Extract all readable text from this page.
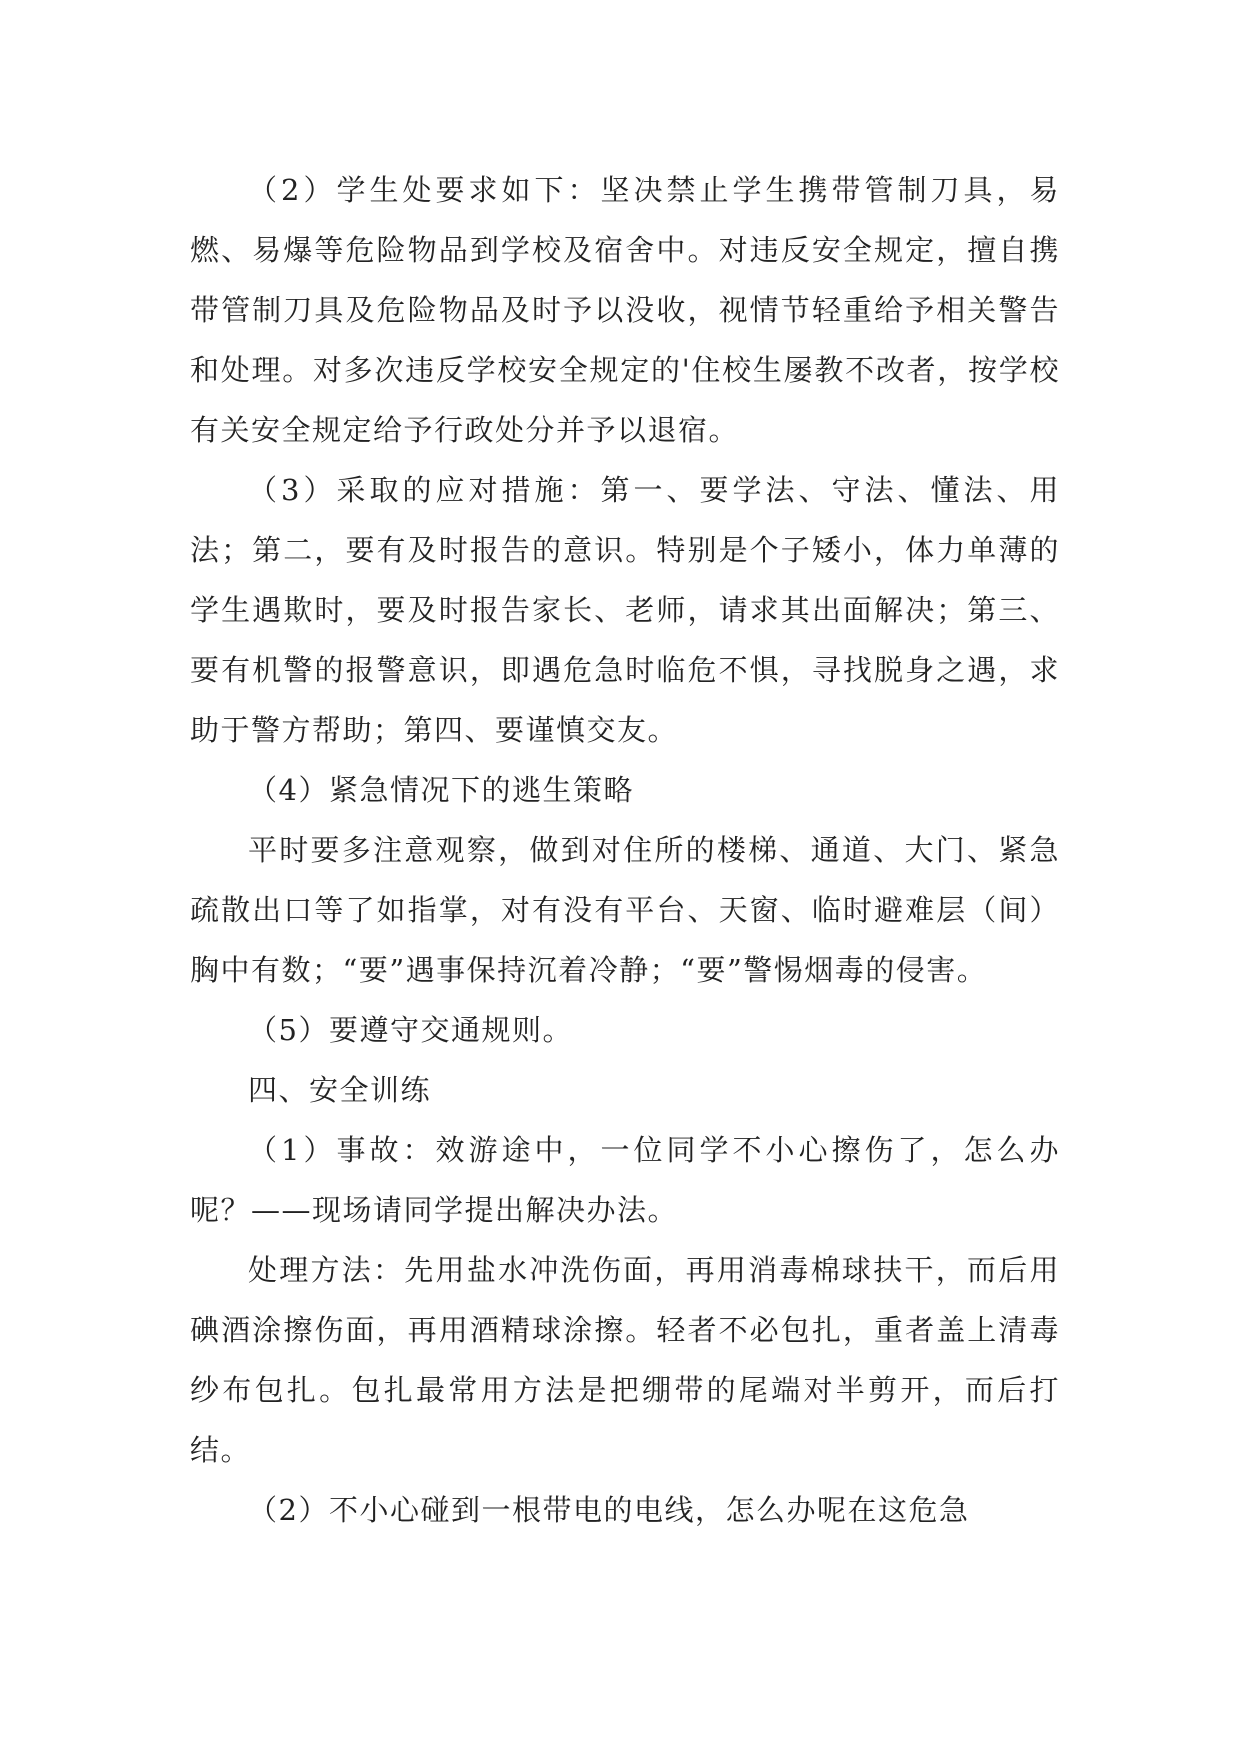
（2）学生处要求如下：坚决禁止学生携带管制刀具，易燃、易爆等危险物品到学校及宿舍中。对违反安全规定，擅自携带管制刀具及危险物品及时予以没收，视情节轻重给予相关警告和处理。对多次违反学校安全规定的'住校生屡教不改者，按学校有关安全规定给予行政处分并予以退宿。

（3）采取的应对措施：第一、要学法、守法、懂法、用法；第二，要有及时报告的意识。特别是个子矮小，体力单薄的学生遇欺时，要及时报告家长、老师，请求其出面解决；第三、要有机警的报警意识，即遇危急时临危不惧，寻找脱身之遇，求助于警方帮助；第四、要谨慎交友。

（4）紧急情况下的逃生策略

平时要多注意观察，做到对住所的楼梯、通道、大门、紧急疏散出口等了如指掌，对有没有平台、天窗、临时避难层（间）胸中有数；“要”遇事保持沉着冷静；“要”警惕烟毒的侵害。

（5）要遵守交通规则。

四、安全训练

（1）事故：效游途中，一位同学不小心擦伤了，怎么办呢？——现场请同学提出解决办法。

处理方法：先用盐水冲洗伤面，再用消毒棉球扶干，而后用碘酒涂擦伤面，再用酒精球涂擦。轻者不必包扎，重者盖上清毒纱布包扎。包扎最常用方法是把绷带的尾端对半剪开，而后打结。

（2）不小心碰到一根带电的电线，怎么办呢在这危急
